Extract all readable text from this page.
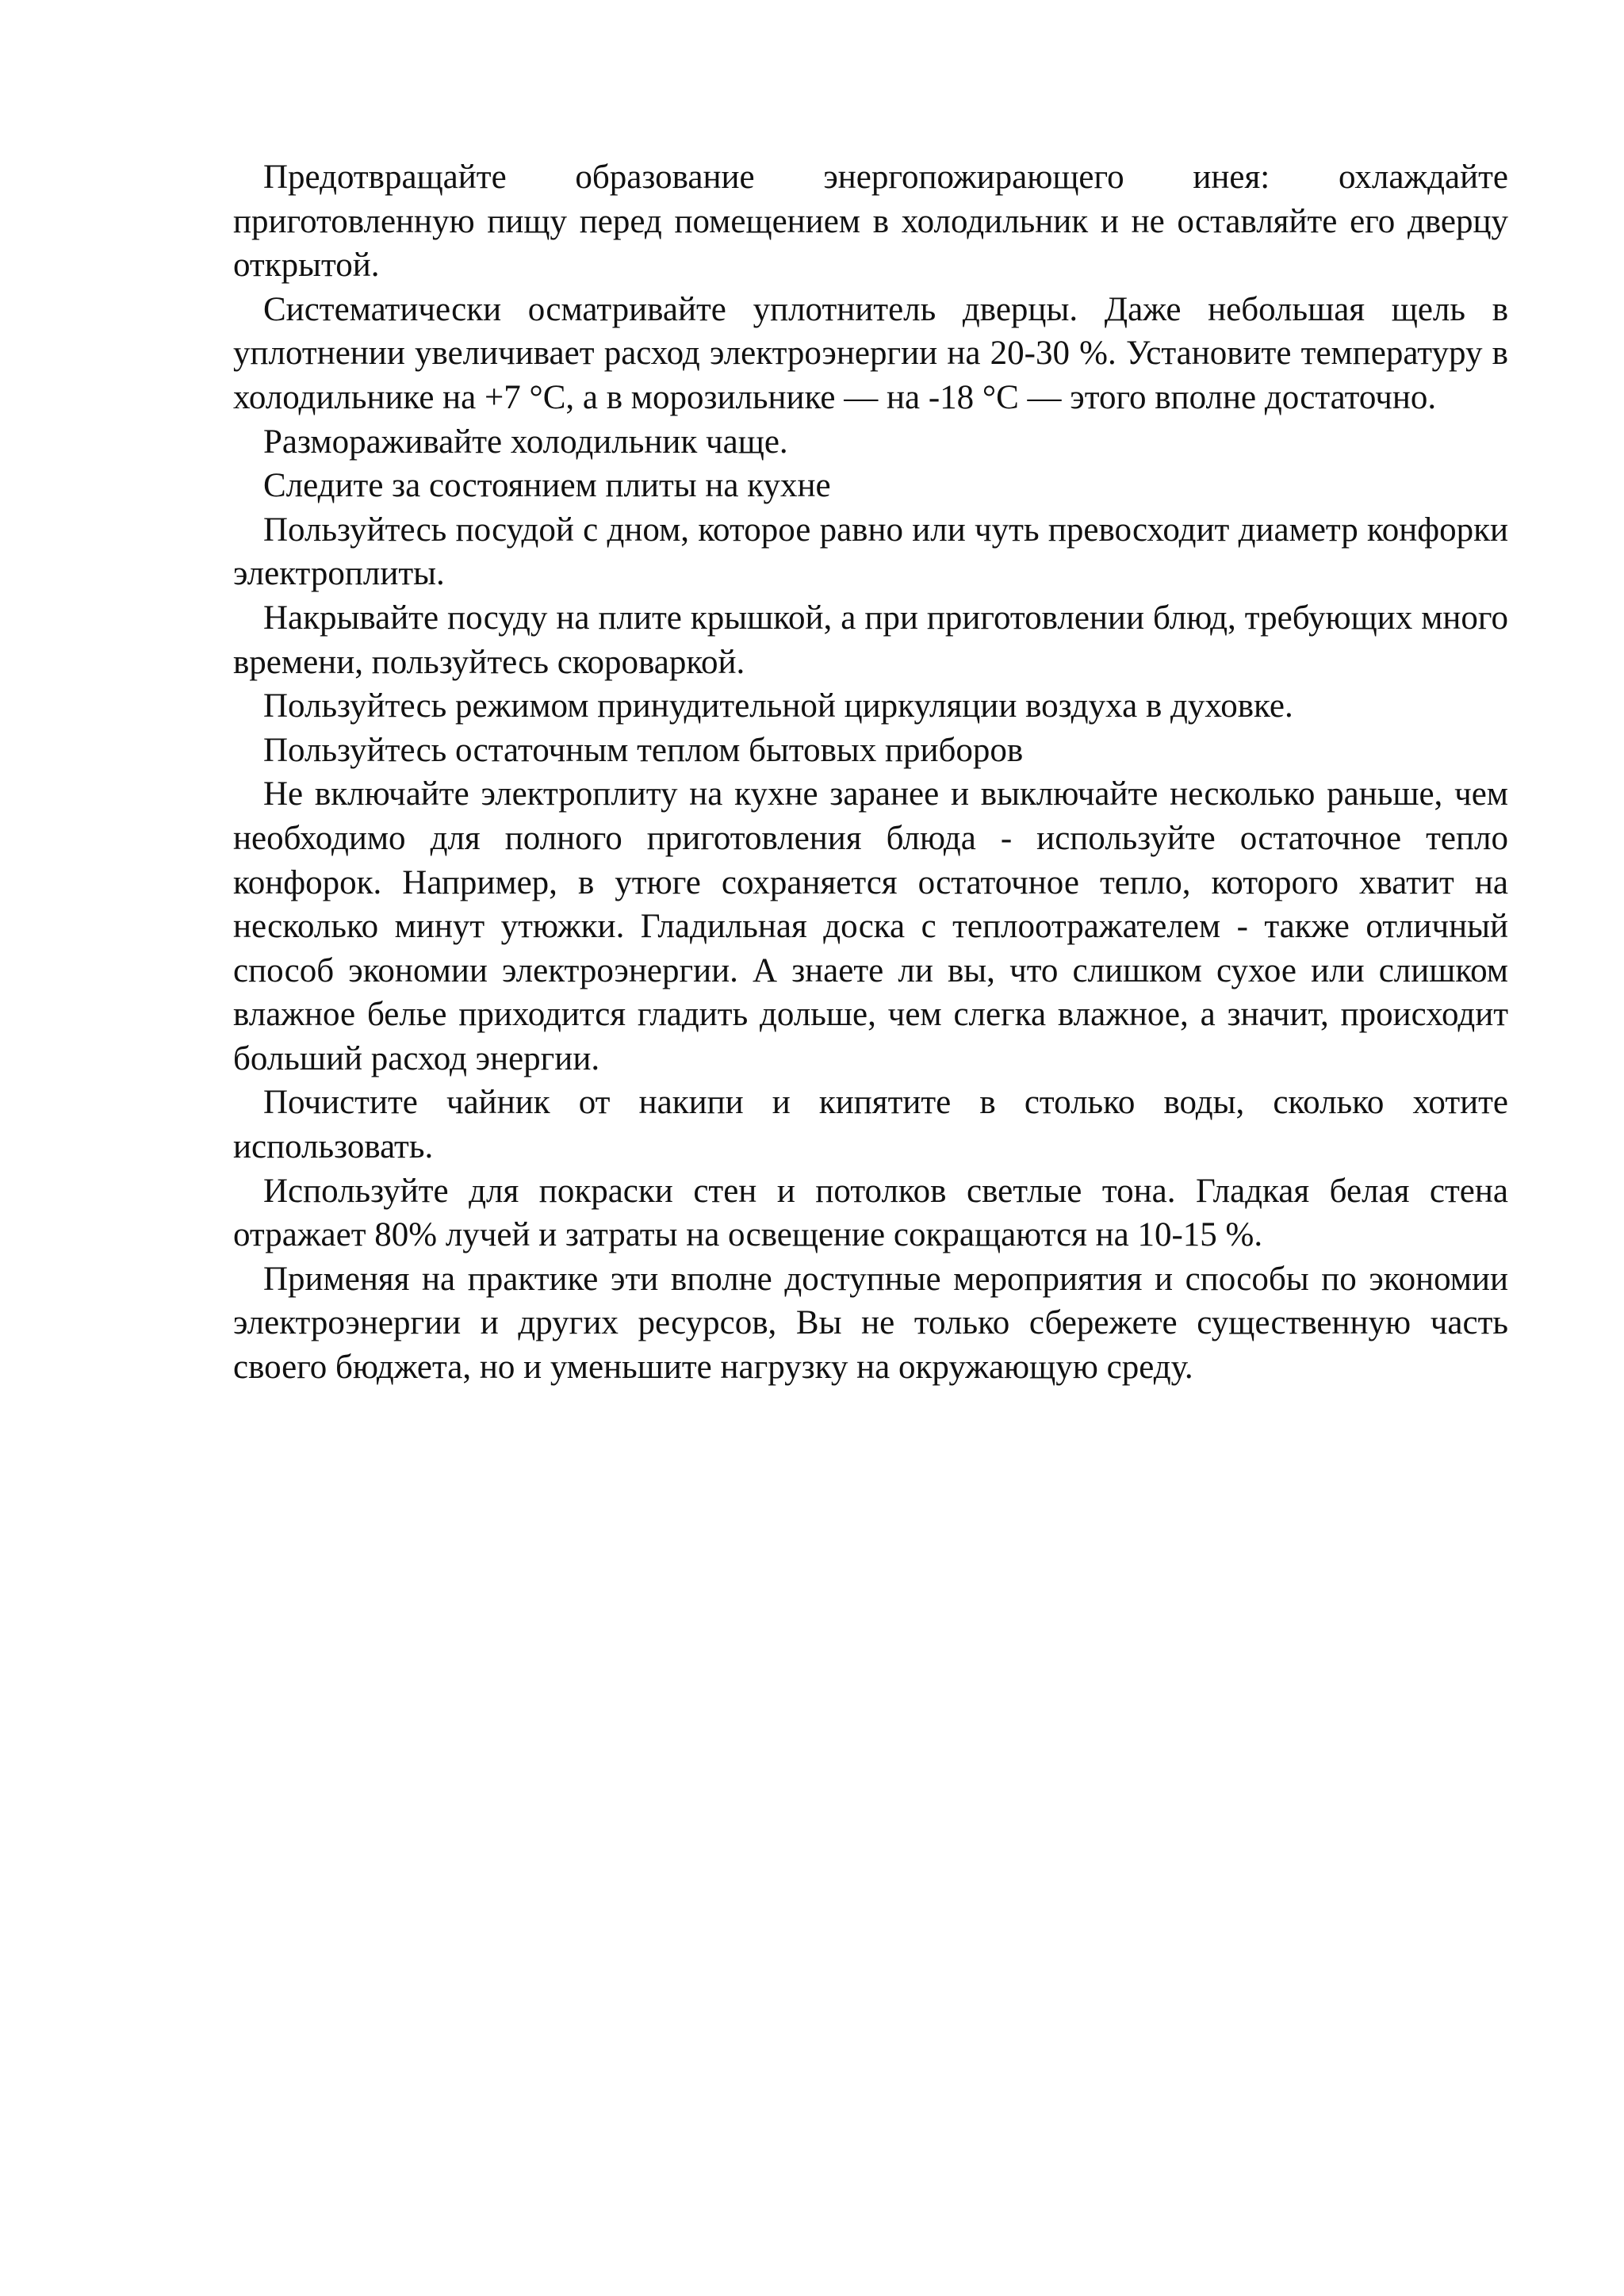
Предотвращайте образование энергопожирающего инея: охлаждайте приготовленную пищу перед помещением в холодильник и не оставляйте его дверцу открытой.

Систематически осматривайте уплотнитель дверцы. Даже небольшая щель в уплотнении увеличивает расход электроэнергии на 20-30 %. Установите температуру в холодильнике на +7 °С, а в морозильнике — на -18 °С — этого вполне достаточно.

Размораживайте холодильник чаще.

Следите за состоянием плиты на кухне

Пользуйтесь посудой с дном, которое равно или чуть превосходит диаметр конфорки электроплиты.

Накрывайте посуду на плите крышкой, а при приготовлении блюд, требующих много времени, пользуйтесь скороваркой.

Пользуйтесь режимом принудительной циркуляции воздуха в духовке.

Пользуйтесь остаточным теплом бытовых приборов

Не включайте электроплиту на кухне заранее и выключайте несколько раньше, чем необходимо для полного приготовления блюда - используйте остаточное тепло конфорок. Например, в утюге сохраняется остаточное тепло, которого хватит на несколько минут утюжки. Гладильная доска с теплоотражателем - также отличный способ экономии электроэнергии. А знаете ли вы, что слишком сухое или слишком влажное белье приходится гладить дольше, чем слегка влажное, а значит, происходит больший расход энергии.

Почистите чайник от накипи и кипятите в столько воды, сколько хотите использовать.

Используйте для покраски стен и потолков светлые тона. Гладкая белая стена отражает 80% лучей и затраты на освещение сокращаются на 10-15 %.

Применяя на практике эти вполне доступные мероприятия и способы по экономии электроэнергии и других ресурсов, Вы не только сбережете существенную часть своего бюджета, но и уменьшите нагрузку на окружающую среду.
